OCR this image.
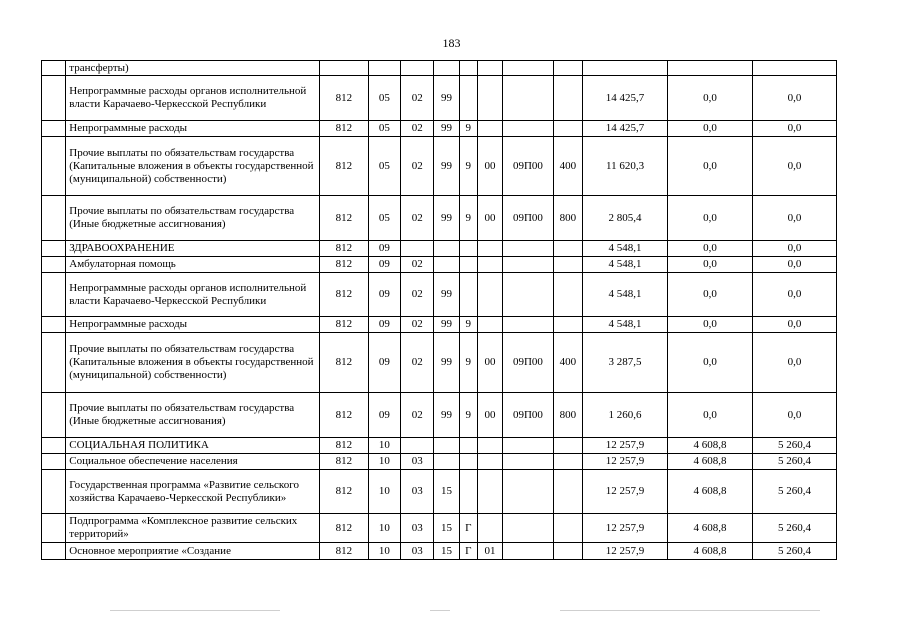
183
	трансферты)											
	Непрограммные расходы органов исполнительной власти Карачаево-Черкесской Республики	812	05	02	99					14 425,7	0,0	0,0
	Непрограммные расходы	812	05	02	99	9				14 425,7	0,0	0,0
	Прочие выплаты по обязательствам государства (Капитальные вложения в объекты государственной (муниципальной) собственности)	812	05	02	99	9	00	09П00	400	11 620,3	0,0	0,0
	Прочие выплаты по обязательствам государства (Иные бюджетные ассигнования)	812	05	02	99	9	00	09П00	800	2 805,4	0,0	0,0
	ЗДРАВООХРАНЕНИЕ	812	09							4 548,1	0,0	0,0
	Амбулаторная помощь	812	09	02						4 548,1	0,0	0,0
	Непрограммные расходы органов исполнительной власти Карачаево-Черкесской Республики	812	09	02	99					4 548,1	0,0	0,0
	Непрограммные расходы	812	09	02	99	9				4 548,1	0,0	0,0
	Прочие выплаты по обязательствам государства (Капитальные вложения в объекты государственной (муниципальной) собственности)	812	09	02	99	9	00	09П00	400	3 287,5	0,0	0,0
	Прочие выплаты по обязательствам государства (Иные бюджетные ассигнования)	812	09	02	99	9	00	09П00	800	1 260,6	0,0	0,0
	СОЦИАЛЬНАЯ ПОЛИТИКА	812	10							12 257,9	4 608,8	5 260,4
	Социальное обеспечение населения	812	10	03						12 257,9	4 608,8	5 260,4
	Государственная программа «Развитие сельского хозяйства Карачаево-Черкесской Республики»	812	10	03	15					12 257,9	4 608,8	5 260,4
	Подпрограмма «Комплексное развитие сельских территорий»	812	10	03	15	Г				12 257,9	4 608,8	5 260,4
	Основное мероприятие «Создание	812	10	03	15	Г	01			12 257,9	4 608,8	5 260,4
